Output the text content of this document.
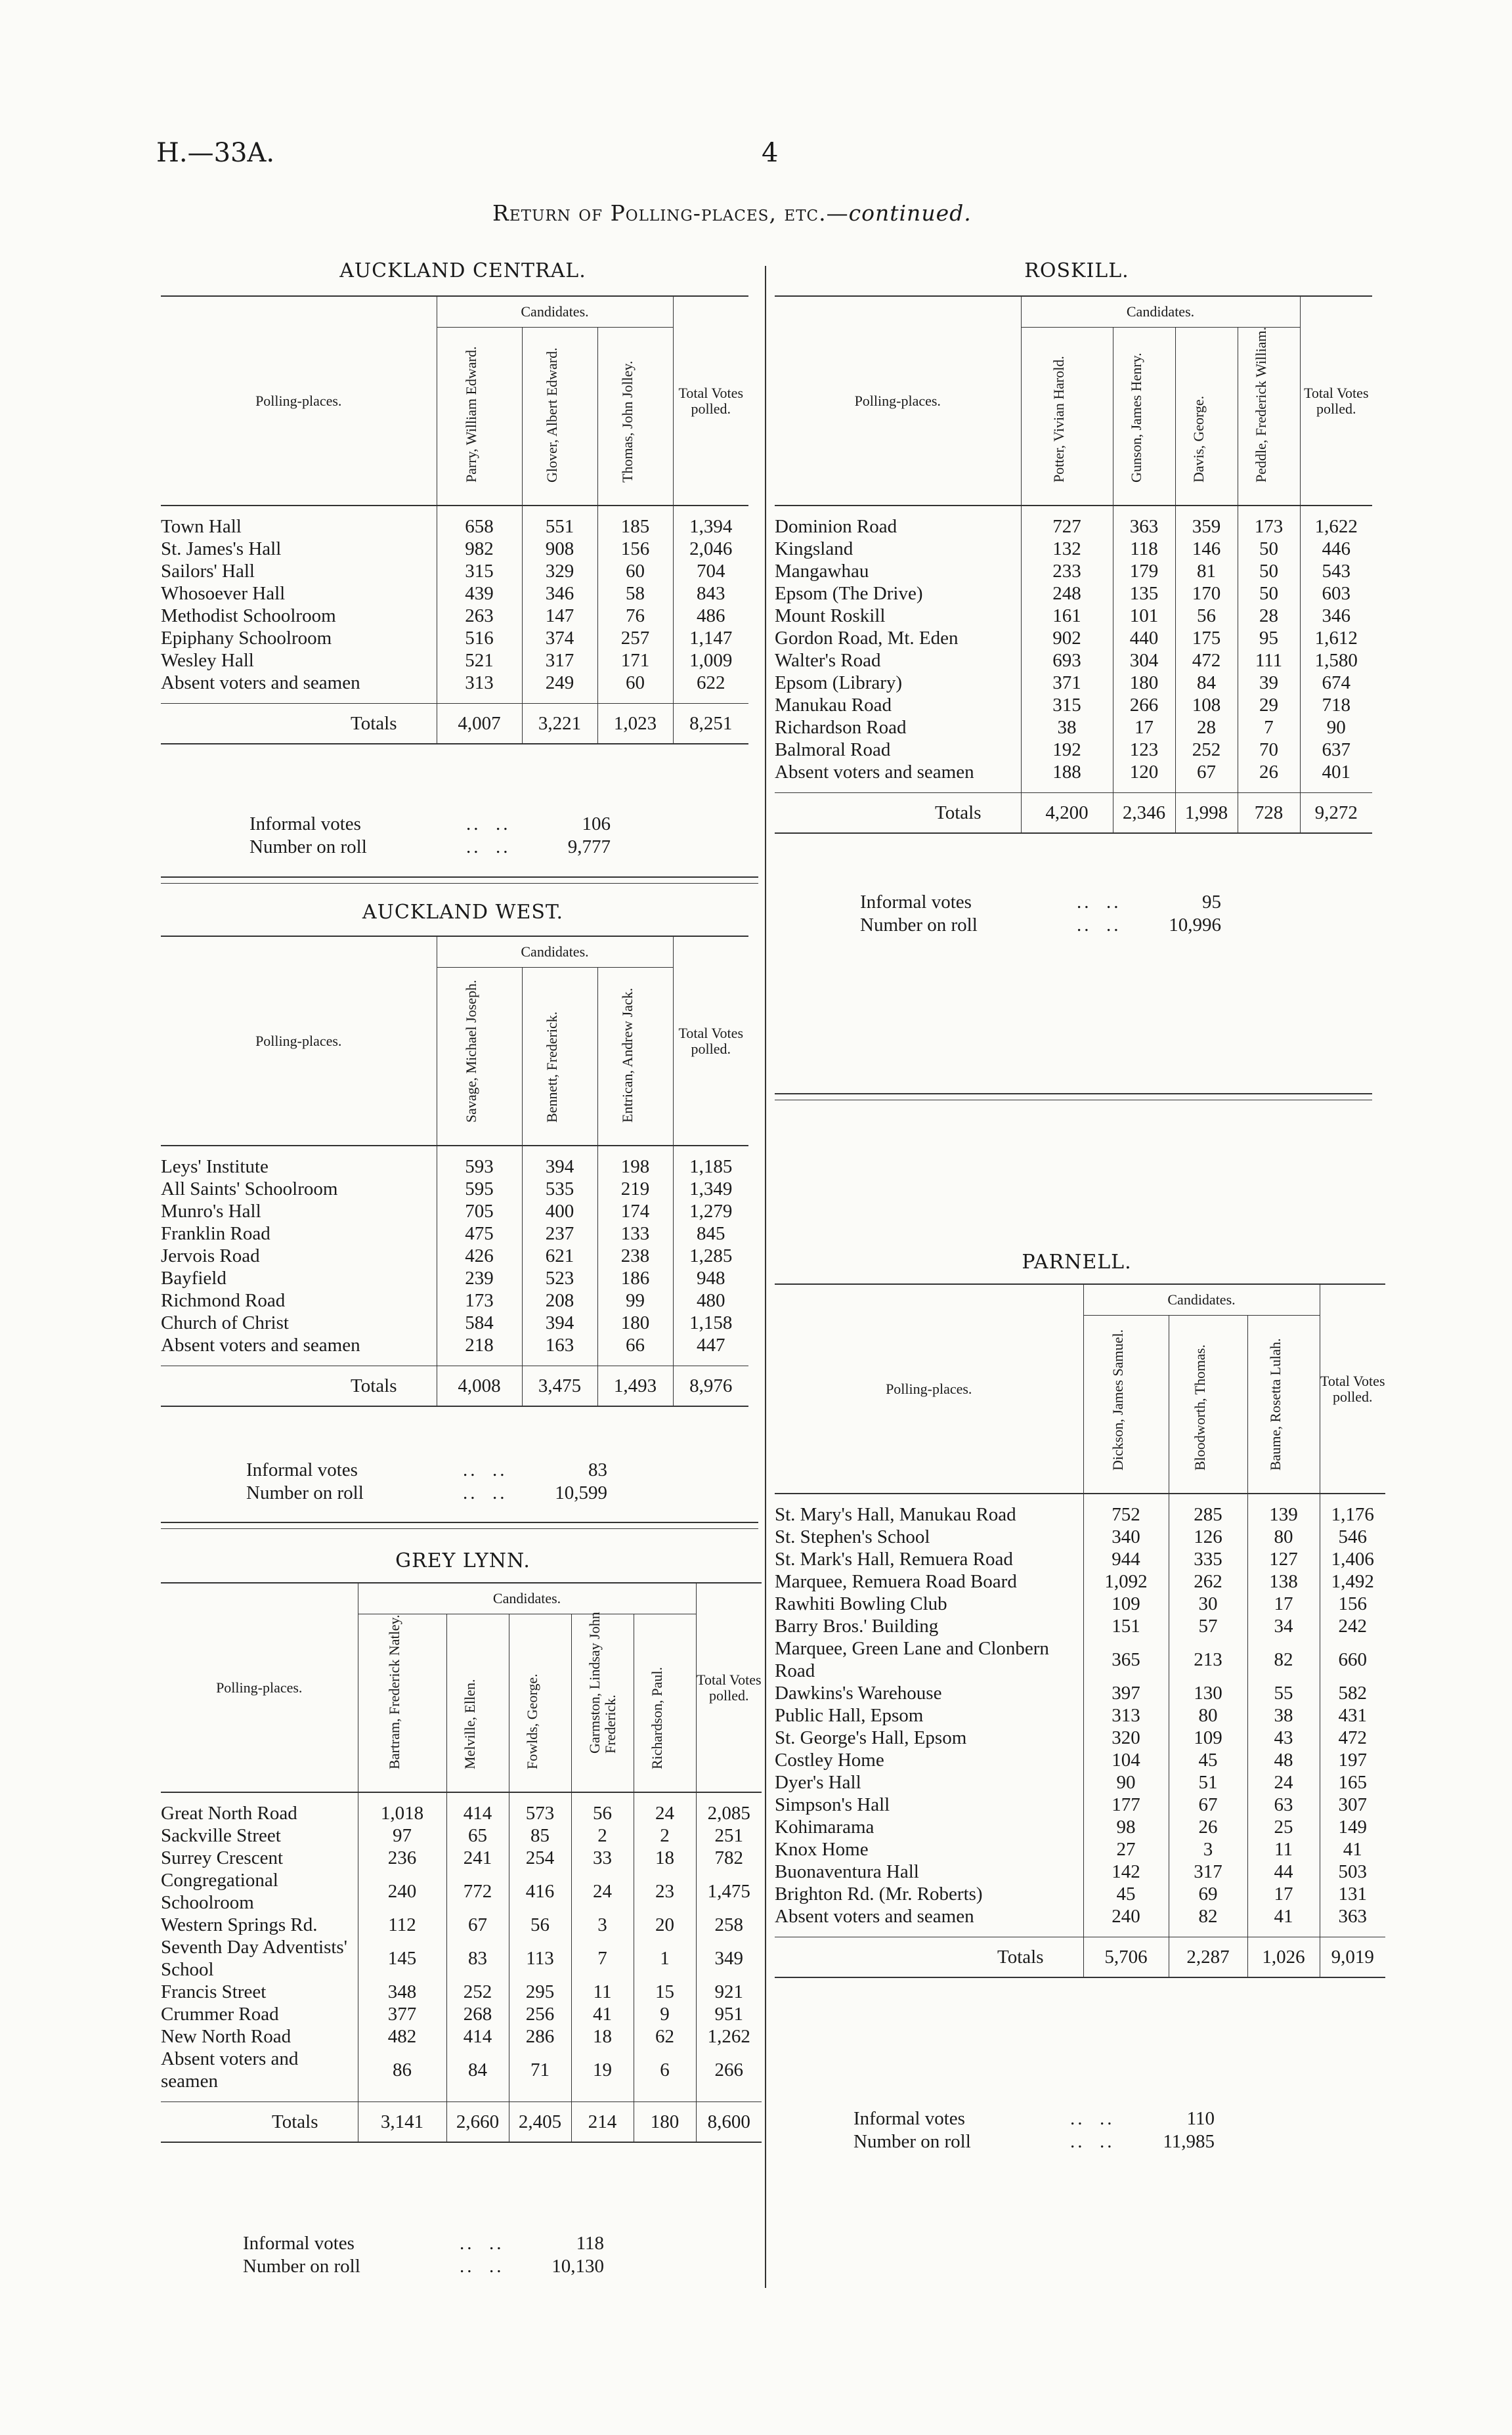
H.—33A.	4
Return of Polling-places, etc.—continued.
AUCKLAND CENTRAL.
Polling-places.	Candidates.			Total Votes polled.

	Parry, William Edward.	Glover, Albert Edward.	Thomas, John Jolley.	

Town Hall	658	551	185	1,394
St. James's Hall	982	908	156	2,046
Sailors' Hall	315	329	60	704
Whosoever Hall	439	346	58	843
Methodist Schoolroom	263	147	76	486
Epiphany Schoolroom	516	374	257	1,147
Wesley Hall	521	317	171	1,009
Absent voters and seamen	313	249	60	622

Totals	4,007	3,221	1,023	8,251
Informal votes	..  ..	106
Number on roll	..  ..	9,777
AUCKLAND WEST.
Polling-places.	Candidates.			Total Votes polled.

	Savage, Michael Joseph.	Bennett, Frederick.	Entrican, Andrew Jack.	

Leys' Institute	593	394	198	1,185
All Saints' Schoolroom	595	535	219	1,349
Munro's Hall	705	400	174	1,279
Franklin Road	475	237	133	845
Jervois Road	426	621	238	1,285
Bayfield	239	523	186	948
Richmond Road	173	208	99	480
Church of Christ	584	394	180	1,158
Absent voters and seamen	218	163	66	447

Totals	4,008	3,475	1,493	8,976
Informal votes	..  ..	83
Number on roll	..  ..	10,599
GREY LYNN.
Polling-places.	Candidates.					Total Votes polled.

	Bartram, Frederick Natley.	Melville, Ellen.	Fowlds, George.	Garmston, Lindsay John Frederick.	Richardson, Paul.	

Great North Road	1,018	414	573	56	24	2,085
Sackville Street	97	65	85	2	2	251
Surrey Crescent	236	241	254	33	18	782
Congregational Schoolroom	240	772	416	24	23	1,475
Western Springs Rd.	112	67	56	3	20	258
Seventh Day Adventists' School	145	83	113	7	1	349
Francis Street	348	252	295	11	15	921
Crummer Road	377	268	256	41	9	951
New North Road	482	414	286	18	62	1,262
Absent voters and seamen	86	84	71	19	6	266

Totals	3,141	2,660	2,405	214	180	8,600
Informal votes	..  ..	118
Number on roll	..  ..	10,130
ROSKILL.
Polling-places.	Candidates.				Total Votes polled.

	Potter, Vivian Harold.	Gunson, James Henry.	Davis, George.	Peddle, Frederick William.	

Dominion Road	727	363	359	173	1,622
Kingsland	132	118	146	50	446
Mangawhau	233	179	81	50	543
Epsom (The Drive)	248	135	170	50	603
Mount Roskill	161	101	56	28	346
Gordon Road, Mt. Eden	902	440	175	95	1,612
Walter's Road	693	304	472	111	1,580
Epsom (Library)	371	180	84	39	674
Manukau Road	315	266	108	29	718
Richardson Road	38	17	28	7	90
Balmoral Road	192	123	252	70	637
Absent voters and seamen	188	120	67	26	401

Totals	4,200	2,346	1,998	728	9,272
Informal votes	..  ..	95
Number on roll	..  ..	10,996
PARNELL.
Polling-places.	Candidates.			Total Votes polled.

	Dickson, James Samuel.	Bloodworth, Thomas.	Baume, Rosetta Lulah.	

St. Mary's Hall, Manukau Road	752	285	139	1,176
St. Stephen's School	340	126	80	546
St. Mark's Hall, Remuera Road	944	335	127	1,406
Marquee, Remuera Road Board	1,092	262	138	1,492
Rawhiti Bowling Club	109	30	17	156
Barry Bros.' Building	151	57	34	242
Marquee, Green Lane and Clonbern Road	365	213	82	660
Dawkins's Warehouse	397	130	55	582
Public Hall, Epsom	313	80	38	431
St. George's Hall, Epsom	320	109	43	472
Costley Home	104	45	48	197
Dyer's Hall	90	51	24	165
Simpson's Hall	177	67	63	307
Kohimarama	98	26	25	149
Knox Home	27	3	11	41
Buonaventura Hall	142	317	44	503
Brighton Rd. (Mr. Roberts)	45	69	17	131
Absent voters and seamen	240	82	41	363

Totals	5,706	2,287	1,026	9,019
Informal votes	..  ..	110
Number on roll	..  ..	11,985
